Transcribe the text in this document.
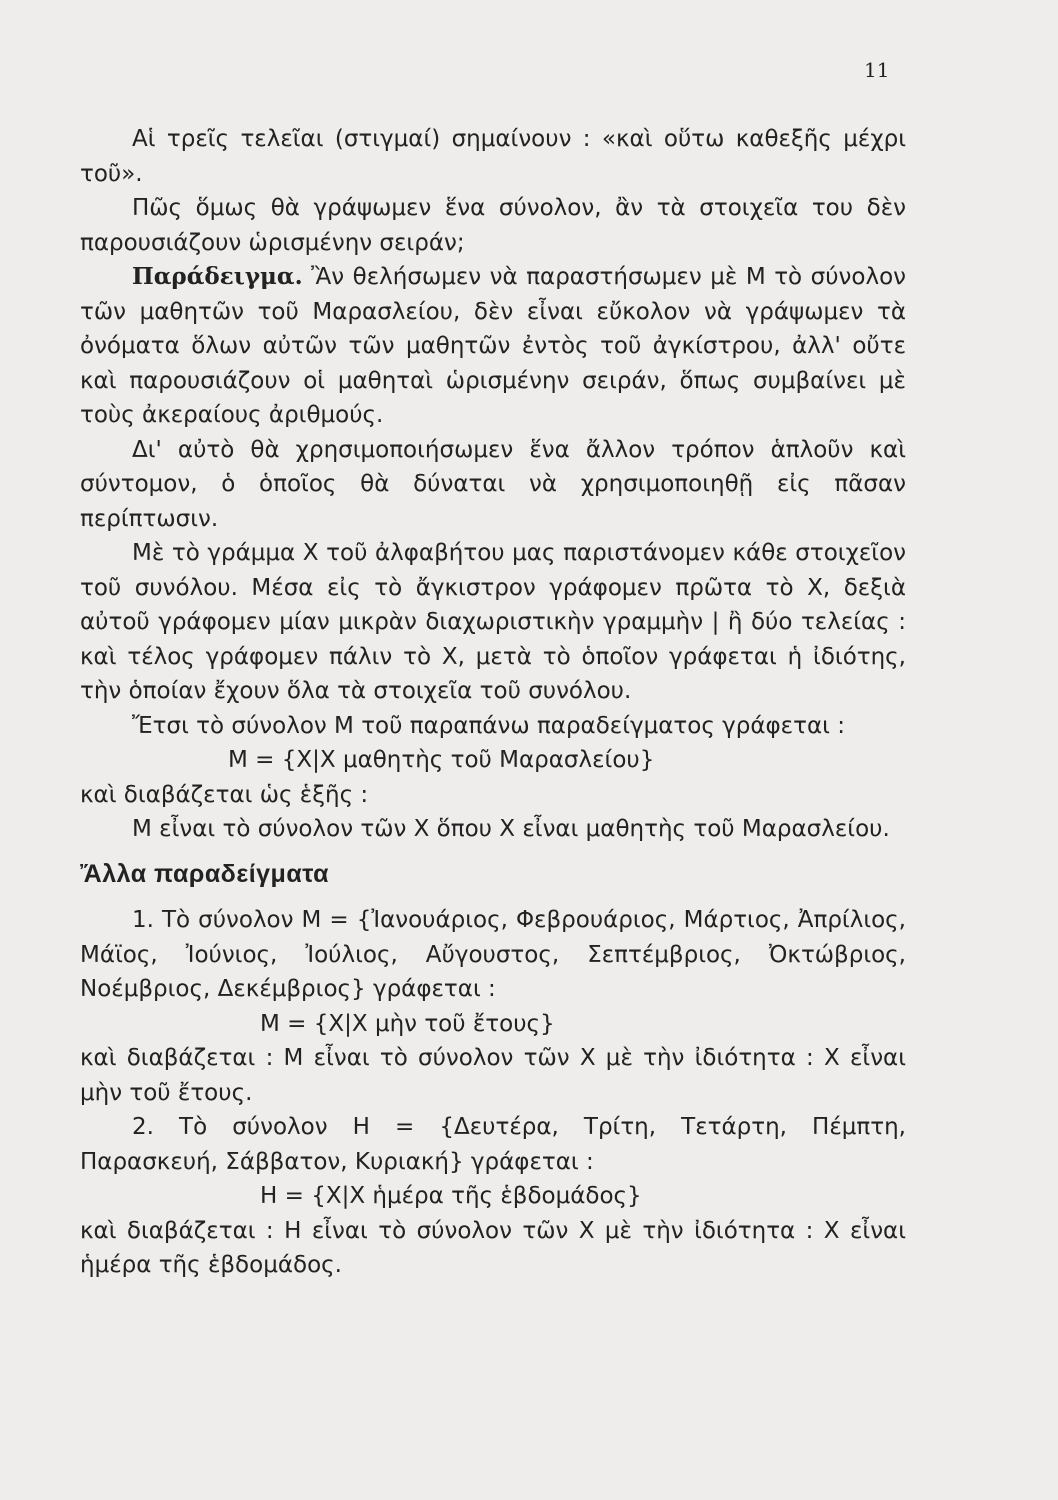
11

Αἱ τρεῖς τελεῖαι (στιγμαί) σημαίνουν : «καὶ οὕτω καθεξῆς μέχρι τοῦ».

Πῶς ὅμως θὰ γράψωμεν ἕνα σύνολον, ἂν τὰ στοιχεῖα του δὲν παρουσιάζουν ὡρισμένην σειράν;

Παράδειγμα. Ἂν θελήσωμεν νὰ παραστήσωμεν μὲ Μ τὸ σύνολον τῶν μαθητῶν τοῦ Μαρασλείου, δὲν εἶναι εὔκολον νὰ γράψωμεν τὰ ὀνόματα ὅλων αὐτῶν τῶν μαθητῶν ἐντὸς τοῦ ἀγκίστρου, ἀλλ' οὔτε καὶ παρουσιάζουν οἱ μαθηταὶ ὡρισμένην σειράν, ὅπως συμβαίνει μὲ τοὺς ἀκεραίους ἀριθμούς.

Δι' αὐτὸ θὰ χρησιμοποιήσωμεν ἕνα ἄλλον τρόπον ἁπλοῦν καὶ σύντομον, ὁ ὁποῖος θὰ δύναται νὰ χρησιμοποιηθῇ εἰς πᾶσαν περίπτωσιν.

Μὲ τὸ γράμμα Χ τοῦ ἀλφαβήτου μας παριστάνομεν κάθε στοιχεῖον τοῦ συνόλου. Μέσα εἰς τὸ ἄγκιστρον γράφομεν πρῶτα τὸ Χ, δεξιὰ αὐτοῦ γράφομεν μίαν μικρὰν διαχωριστικὴν γραμμὴν | ἢ δύο τελείας : καὶ τέλος γράφομεν πάλιν τὸ Χ, μετὰ τὸ ὁποῖον γράφεται ἡ ἰδιότης, τὴν ὁποίαν ἔχουν ὅλα τὰ στοιχεῖα τοῦ συνόλου.

Ἔτσι τὸ σύνολον Μ τοῦ παραπάνω παραδείγματος γράφεται :

Μ = {Χ|Χ μαθητὴς τοῦ Μαρασλείου}

καὶ διαβάζεται ὡς ἑξῆς :

Μ εἶναι τὸ σύνολον τῶν Χ ὅπου Χ εἶναι μαθητὴς τοῦ Μαρασλείου.

Ἄλλα παραδείγματα

1. Τὸ σύνολον Μ = {Ἰανουάριος, Φεβρουάριος, Μάρτιος, Ἀπρίλιος, Μάϊος, Ἰούνιος, Ἰούλιος, Αὔγουστος, Σεπτέμβριος, Ὀκτώβριος, Νοέμβριος, Δεκέμβριος} γράφεται :

Μ = {Χ|Χ μὴν τοῦ ἔτους}

καὶ διαβάζεται : Μ εἶναι τὸ σύνολον τῶν Χ μὲ τὴν ἰδιότητα : Χ εἶναι μὴν τοῦ ἔτους.

2. Τὸ σύνολον Η = {Δευτέρα, Τρίτη, Τετάρτη, Πέμπτη, Παρασκευή, Σάββατον, Κυριακή} γράφεται :

Η = {Χ|Χ ἡμέρα τῆς ἑβδομάδος}

καὶ διαβάζεται : Η εἶναι τὸ σύνολον τῶν Χ μὲ τὴν ἰδιότητα : Χ εἶναι ἡμέρα τῆς ἑβδομάδος.
